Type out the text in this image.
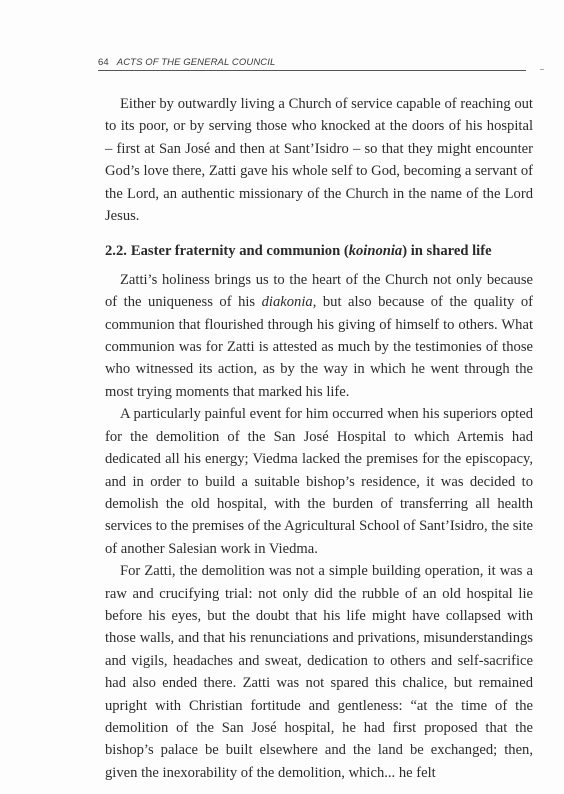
64 ACTS OF THE GENERAL COUNCIL

Either by outwardly living a Church of service capable of reaching out to its poor, or by serving those who knocked at the doors of his hospital – first at San José and then at Sant’Isidro – so that they might encounter God’s love there, Zatti gave his whole self to God, becoming a servant of the Lord, an authentic missionary of the Church in the name of the Lord Jesus.

2.2. Easter fraternity and communion (koinonia) in shared life

Zatti’s holiness brings us to the heart of the Church not only because of the uniqueness of his diakonia, but also because of the quality of communion that flourished through his giving of himself to others. What communion was for Zatti is attested as much by the testimonies of those who witnessed its action, as by the way in which he went through the most trying moments that marked his life.

A particularly painful event for him occurred when his superiors opted for the demolition of the San José Hospital to which Artemis had dedicated all his energy; Viedma lacked the premises for the episcopacy, and in order to build a suitable bishop’s residence, it was decided to demolish the old hospital, with the burden of transferring all health services to the premises of the Agricultural School of Sant’Isidro, the site of another Salesian work in Viedma.

For Zatti, the demolition was not a simple building operation, it was a raw and crucifying trial: not only did the rubble of an old hospital lie before his eyes, but the doubt that his life might have collapsed with those walls, and that his renunciations and privations, misunderstandings and vigils, headaches and sweat, dedication to others and self-sacrifice had also ended there. Zatti was not spared this chalice, but remained upright with Christian fortitude and gentleness: “at the time of the demolition of the San José hospital, he had first proposed that the bishop’s palace be built elsewhere and the land be exchanged; then, given the inexorability of the demolition, which... he felt
